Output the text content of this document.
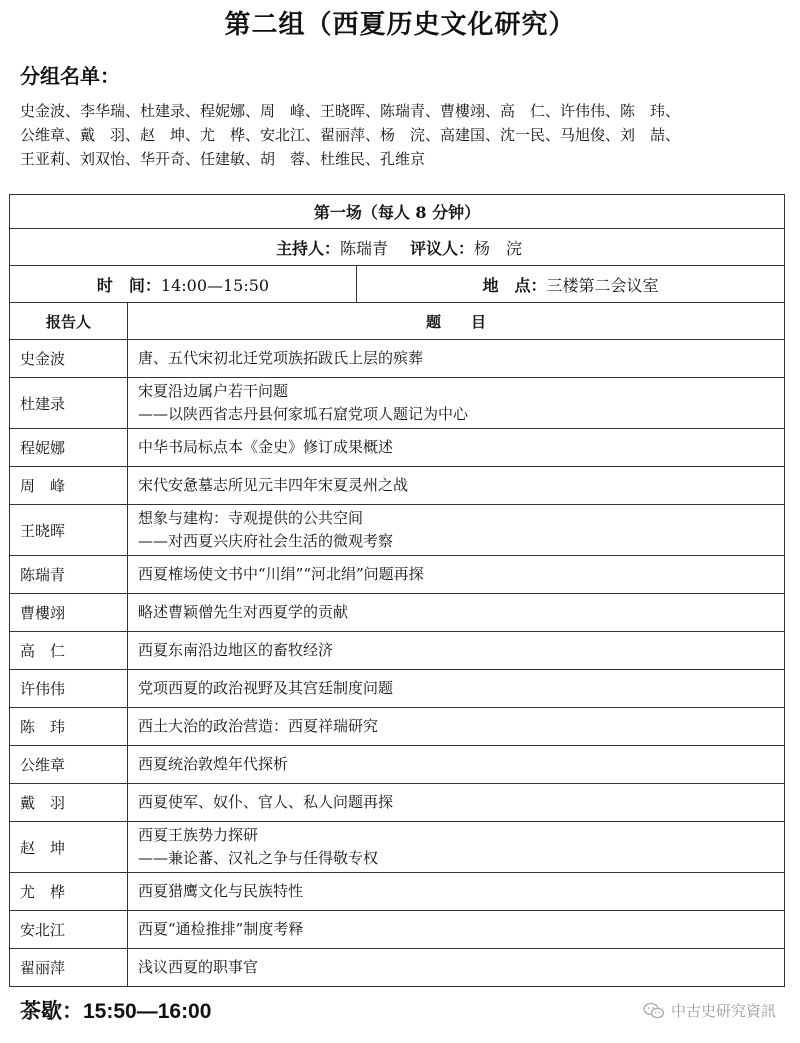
第二组（西夏历史文化研究）
分组名单：
史金波、李华瑞、杜建录、程妮娜、周　峰、王晓晖、陈瑞青、曹樓翊、高　仁、许伟伟、陈　玮、
公维章、戴　羽、赵　坤、尤　桦、安北江、翟丽萍、杨　浣、高建国、沈一民、马旭俊、刘　喆、
王亚莉、刘双怡、华开奇、任建敏、胡　蓉、杜维民、孔维京
第一场（每人 8 分钟）		

主持人：陈瑞青 评议人：杨　浣		

时　间：14:00—15:50		地　点：三楼第二会议室
报告人	题　　目	
史金波	唐、五代宋初北迁党项族拓跋氏上层的殡葬	

杜建录	宋夏沿边属户若干问题
——以陕西省志丹县何家坬石窟党项人题记为中心	

程妮娜	中华书局标点本《金史》修订成果概述	

周　峰	宋代安惫墓志所见元丰四年宋夏灵州之战	

王晓晖	想象与建构：寺观提供的公共空间
——对西夏兴庆府社会生活的微观考察	

陈瑞青	西夏榷场使文书中“川绢”“河北绢”问题再探	

曹樓翊	略述曹颖僧先生对西夏学的贡献	

高　仁	西夏东南沿边地区的畜牧经济	

许伟伟	党项西夏的政治视野及其宫廷制度问题	

陈　玮	西土大治的政治营造：西夏祥瑞研究	

公维章	西夏统治敦煌年代探析	

戴　羽	西夏使军、奴仆、官人、私人问题再探	

赵　坤	西夏王族势力探研
——兼论蕃、汉礼之争与任得敬专权	

尤　桦	西夏猎鹰文化与民族特性	

安北江	西夏“通检推排”制度考释	

翟丽萍	浅议西夏的职事官	
茶歇：15:50—16:00	中古史研究資訊
